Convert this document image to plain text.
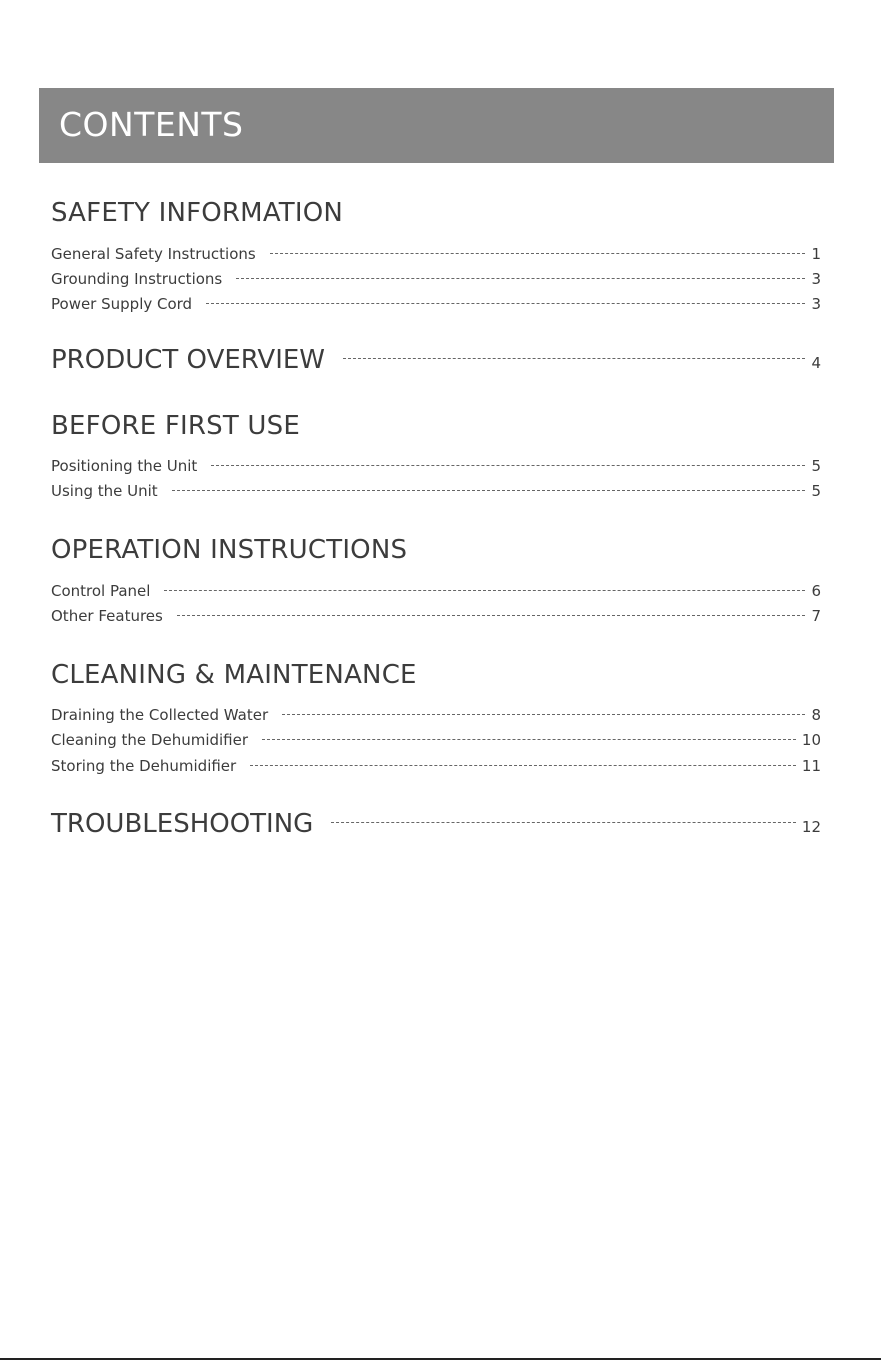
CONTENTS
SAFETY INFORMATION
General Safety Instructions	1
Grounding Instructions	3
Power Supply Cord	3
PRODUCT OVERVIEW	4
BEFORE FIRST USE
Positioning the Unit	5
Using the Unit	5
OPERATION INSTRUCTIONS
Control Panel	6
Other Features	7
CLEANING & MAINTENANCE
Draining the Collected Water	8
Cleaning the Dehumidifier	10
Storing the Dehumidifier	11
TROUBLESHOOTING	12
